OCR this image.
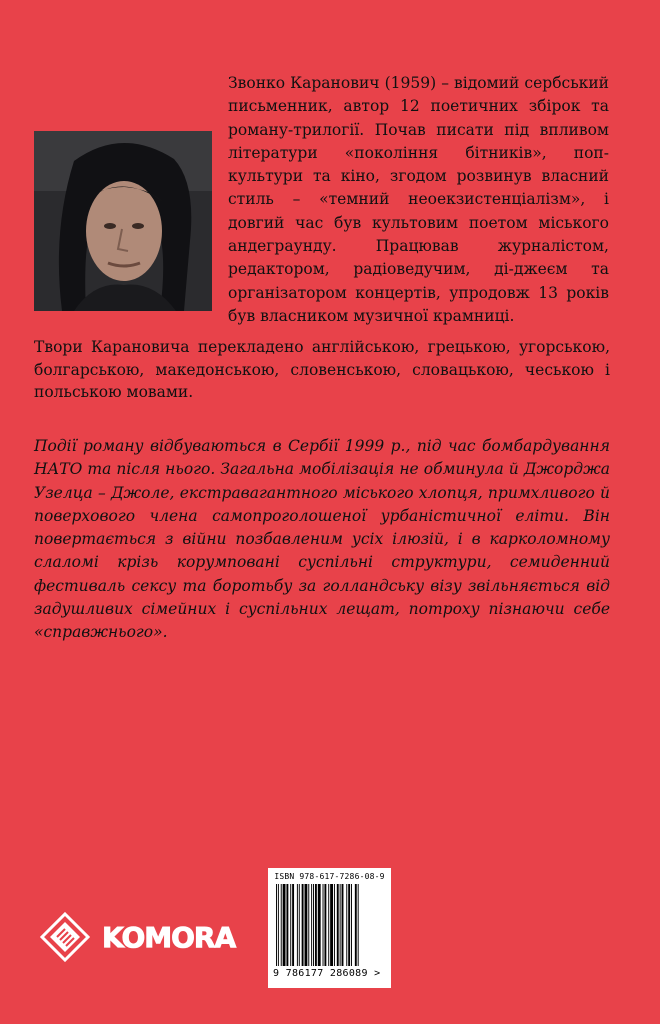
Звонко Каранович (1959) – відомий сербський письменник, автор 12 поетичних збірок та роману-трилогії. Почав писати під впливом літератури «покоління бітників», поп-культури та кіно, згодом розвинув власний стиль – «темний неоекзистенціалізм», і довгий час був культовим поетом міського андеграунду. Працював журналістом, редактором, радіоведучим, ді-джеєм та організатором концертів, упродовж 13 років був власником музичної крамниці.

Твори Карановича перекладено англійською, грецькою, угорською, болгарською, македонською, словенською, словацькою, чеською і польською мовами.

Події роману відбуваються в Сербії 1999 р., під час бомбардування НАТО та після нього. Загальна мобілізація не обминула й Джорджа Узелца – Джоле, екстравагантного міського хлопця, примхливого й поверхового члена самопроголошеної урбаністичної еліти. Він повертається з війни позбавленим усіх ілюзій, і в карколомному слаломі крізь корумповані суспільні структури, семиденний фестиваль сексу та боротьбу за голландську візу звільняється від задушливих сімейних і суспільних лещат, потроху пізнаючи себе «справжнього».

KOMORA

ISBN 978-617-7286-08-9

9 786177 286089 >
